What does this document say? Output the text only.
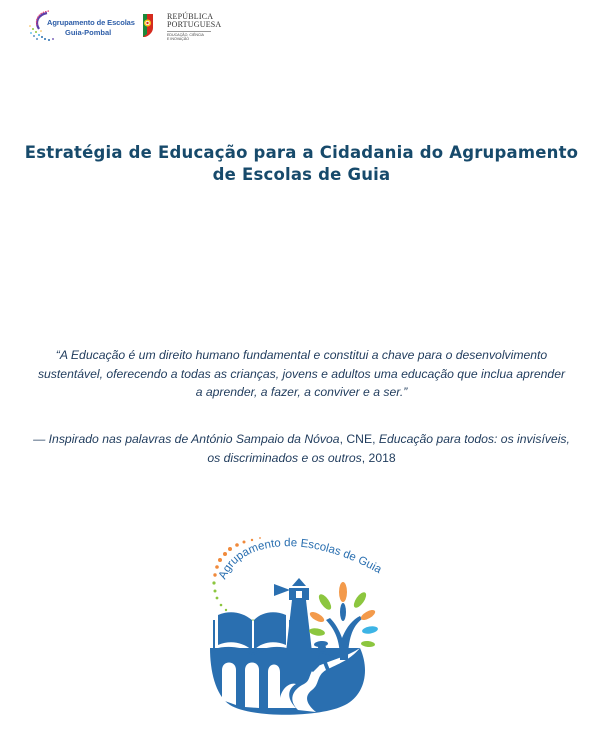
Agrupamento de Escolas
Guia-Pombal
REPÚBLICA
PORTUGUESA
EDUCAÇÃO, CIÊNCIA
E INOVAÇÃO
Estratégia de Educação para a Cidadania do Agrupamento
de Escolas de Guia
“A Educação é um direito humano fundamental e constitui a chave para o desenvolvimento
sustentável, oferecendo a todas as crianças, jovens e adultos uma educação que inclua aprender
a aprender, a fazer, a conviver e a ser.”
— Inspirado nas palavras de António Sampaio da Nóvoa, CNE, Educação para todos: os invisíveis,
os discriminados e os outros, 2018
Agrupamento de Escolas de Guia
